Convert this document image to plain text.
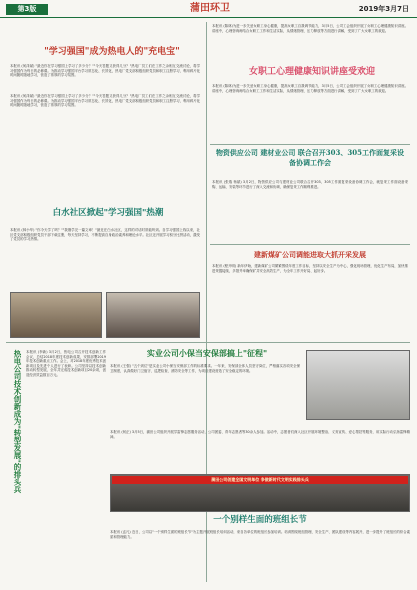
第3版	蒲田环卫	2019年3月7日
"学习强国"成为热电人的"充电宝"
本报讯 (何泽斌) "最近你在学习强国上学习了多少分？""今天答题又获得几分？"热电厂员工们在工作之余相互交流讨论，将学习强国作为每日的必修课。为推动学习强国平台学习常态化、长效化，热电厂党支部积极组织党员和职工注册学习，利用碎片化时间随时随地学习，营造了浓厚的学习氛围。
本报讯 (何泽斌) "最近你在学习强国上学习了多少分？""今天答题又获得几分？"热电厂员工们在工作之余相互交流讨论，将学习强国作为每日的必修课。为推动学习强国平台学习常态化、长效化，热电厂党支部积极组织党员和职工注册学习，利用碎片化时间随时随地学习，营造了浓厚的学习氛围。
本报讯 (陈林)为进一步关爱女职工身心健康，提高女职工自我调节能力，3月5日，公司工会组织开展了女职工心理健康知识讲座。讲座中，心理咨询师结合女职工工作和生活实际，从情绪管理、压力释放等方面进行讲解，受到了广大女职工的欢迎。
女职工心理健康知识讲座受欢迎
本报讯 (陈林)为进一步关爱女职工身心健康，提高女职工自我调节能力，3月5日，公司工会组织开展了女职工心理健康知识讲座。讲座中，心理咨询师结合女职工工作和生活实际，从情绪管理、压力释放等方面进行讲解，受到了广大女职工的欢迎。
物资供应公司 建材业公司 联合召开303、305工作面复采设备协调工作会
本报讯 (张瑞 杨斌) 3月2日，物资供应公司与建材业公司联合召开303、305工作面复采设备协调工作会，就复采工作面设备采购、运输、安装等环节进行了深入交流和协调，确保复采工作顺利推进。
白水社区掀起"学习强国"热潮
本报讯 (林小华) "你今天学了吗？""我刚学完一篇文章！"最近在白水社区，这样的对话时常能听到。自学习强国上线以来，社区党支部积极组织党员干部下载注册，每天坚持学习，不断提高自身政治素养和理论水平。社区还开展学习积分比拼活动，激发了党员的学习热情。
建新煤矿公司调能进取大抓开采发展
本报讯 (程开明) 新年伊始，建新煤矿公司紧紧围绕年度工作目标，坚持以安全生产为中心，强化现场管理，优化生产布局，加快推进采掘接续，多措并举确保矿井安全高效生产，为全年工作开好局、起好步。
热电公司技术创新成为"转型发展"的排头兵 本报讯 (李新) 3月2日，热电公司召开技术创新工作会议，总结2018年度技术创新成果，安排部署2019年技术创新重点工作。会上，对2018年度优秀技术创新项目及先进个人进行了表彰。公司坚持以技术创新推动转型发展，全年共完成技术创新项目20余项，创造经济效益数百万元。
实业公司小保当安保部搞上"征程"
本报讯 (王强) "五个到位"是实业公司小保当安保部工作的标准要求。一年来，安保部全体人员坚守岗位，严格落实各项安全保卫制度，认真做好门卫值守、巡逻检查、消防安全等工作，为项目建设营造了安全稳定的环境。
本报讯 (何正) 3月5日，蒲田公司组织开展学雷锋志愿服务活动，公司团委、青年志愿者等30余人参加。活动中，志愿者们深入社区开展环境整治、义务宣传、爱心帮扶等服务，用实际行动弘扬雷锋精神。
蒲田公司创建全国文明单位 争做新时代文明实践排头兵
一个别样生面的班组长节
本报讯 (孟凡) 近日，公司以"一个别样生面的班组长节"为主题开展班组长培训活动，来自各单位的班组长参加培训。培训围绕班组管理、安全生产、团队建设等内容展开，进一步提升了班组长的综合素质和管理能力。
